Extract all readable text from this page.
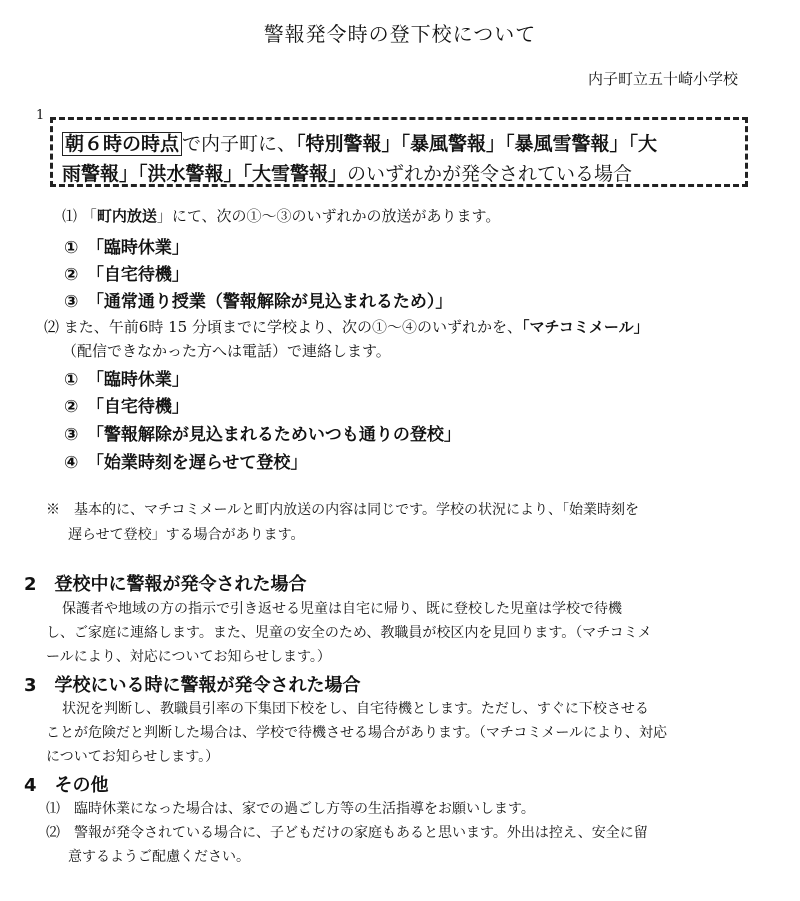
警報発令時の登下校について
内子町立五十崎小学校
1
朝６時の時点 で内子町に、「特別警報」「暴風警報」「暴風雪警報」「大
雨警報」「洪水警報」「大雪警報」のいずれかが発令されている場合
⑴ 「町内放送」にて、次の①～③のいずれかの放送があります。
①　「臨時休業」
②　「自宅待機」
③　「通常通り授業（警報解除が見込まれるため）」
⑵ また、午前6時 15 分頃までに学校より、次の①～④のいずれかを、「マチコミメール」
（配信できなかった方へは電話）で連絡します。
①　「臨時休業」
②　「自宅待機」
③　「警報解除が見込まれるためいつも通りの登校」
④　「始業時刻を遅らせて登校」
※　基本的に、マチコミメールと町内放送の内容は同じです。学校の状況により、「始業時刻を
遅らせて登校」する場合があります。
2　登校中に警報が発令された場合
保護者や地域の方の指示で引き返せる児童は自宅に帰り、既に登校した児童は学校で待機
し、ご家庭に連絡します。また、児童の安全のため、教職員が校区内を見回ります。（マチコミメ
ールにより、対応についてお知らせします。）
3　学校にいる時に警報が発令された場合
状況を判断し、教職員引率の下集団下校をし、自宅待機とします。ただし、すぐに下校させる
ことが危険だと判断した場合は、学校で待機させる場合があります。（マチコミメールにより、対応
についてお知らせします。）
4　その他
⑴　臨時休業になった場合は、家での過ごし方等の生活指導をお願いします。
⑵　警報が発令されている場合に、子どもだけの家庭もあると思います。外出は控え、安全に留
意するようご配慮ください。
